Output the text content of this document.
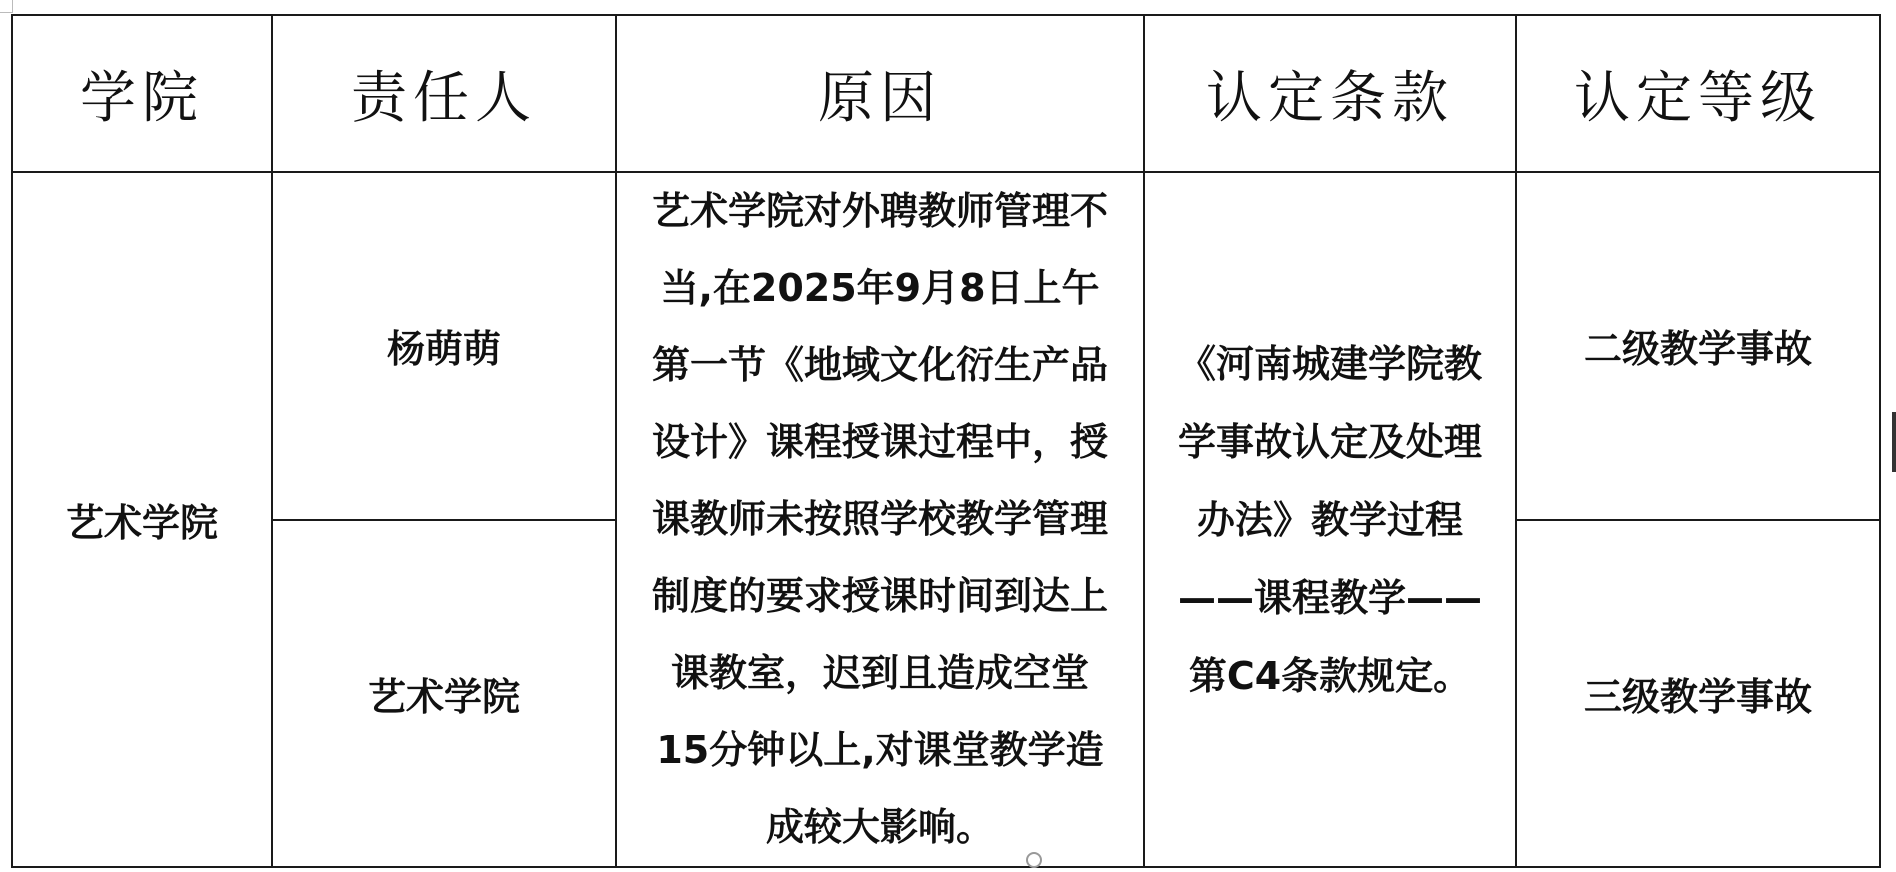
学院	责任人	原因	认定条款	认定等级
艺术学院	杨萌萌	艺术学院对外聘教师管理不当,在2025年9月8日上午第一节《地域文化衍生产品设计》课程授课过程中，授课教师未按照学校教学管理制度的要求授课时间到达上课教室，迟到且造成空堂15分钟以上,对课堂教学造成较大影响。	《河南城建学院教学事故认定及处理办法》教学过程——课程教学——第C4条款规定。	二级教学事故
	艺术学院			三级教学事故
